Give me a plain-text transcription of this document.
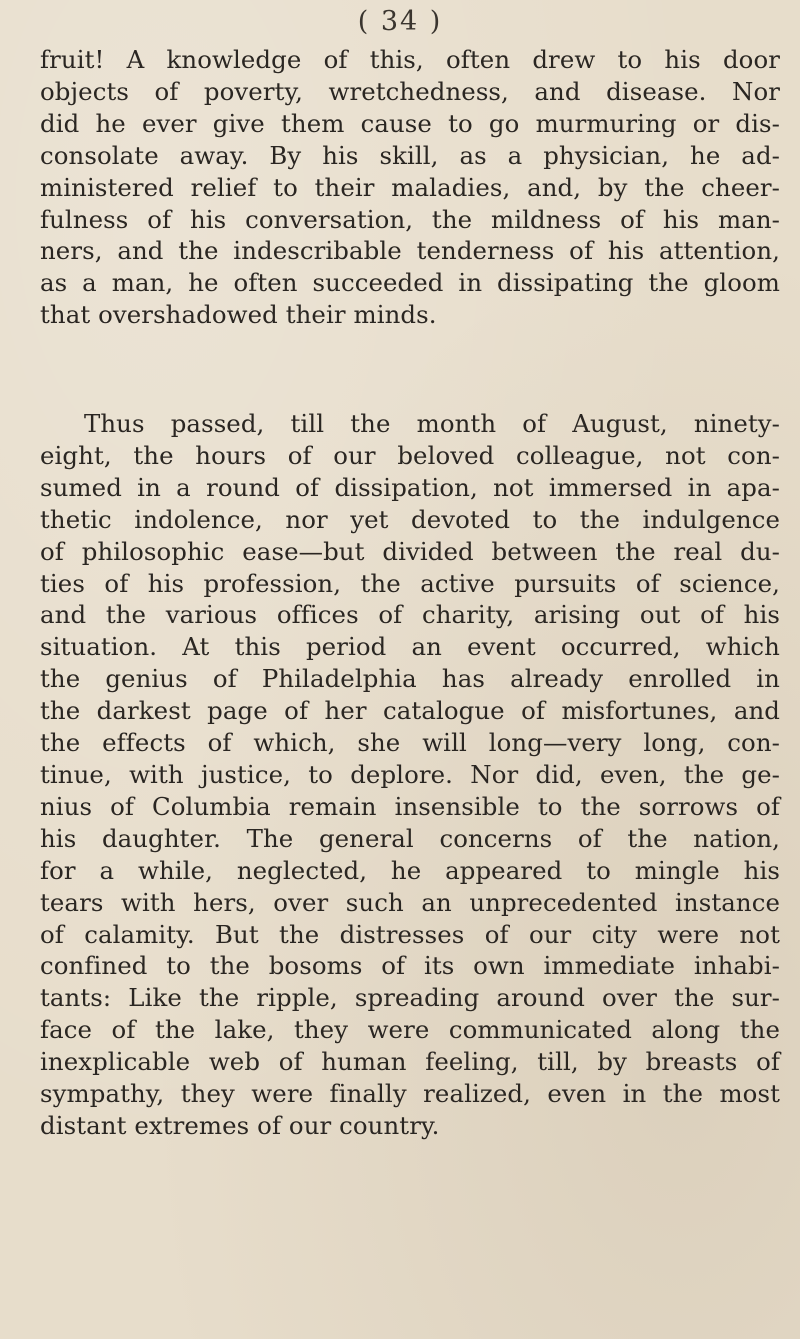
( 34 )
fruit! A knowledge of this, often drew to his door
objects of poverty, wretchedness, and disease. Nor
did he ever give them cause to go murmuring or dis-
consolate away. By his skill, as a physician, he ad-
ministered relief to their maladies, and, by the cheer-
fulness of his conversation, the mildness of his man-
ners, and the indescribable tenderness of his attention,
as a man, he often succeeded in dissipating the gloom
that overshadowed their minds.
Thus passed, till the month of August, ninety-
eight, the hours of our beloved colleague, not con-
sumed in a round of dissipation, not immersed in apa-
thetic indolence, nor yet devoted to the indulgence
of philosophic ease—but divided between the real du-
ties of his profession, the active pursuits of science,
and the various offices of charity, arising out of his
situation. At this period an event occurred, which
the genius of Philadelphia has already enrolled in
the darkest page of her catalogue of misfortunes, and
the effects of which, she will long—very long, con-
tinue, with justice, to deplore. Nor did, even, the ge-
nius of Columbia remain insensible to the sorrows of
his daughter. The general concerns of the nation,
for a while, neglected, he appeared to mingle his
tears with hers, over such an unprecedented instance
of calamity. But the distresses of our city were not
confined to the bosoms of its own immediate inhabi-
tants: Like the ripple, spreading around over the sur-
face of the lake, they were communicated along the
inexplicable web of human feeling, till, by breasts of
sympathy, they were finally realized, even in the most
distant extremes of our country.
